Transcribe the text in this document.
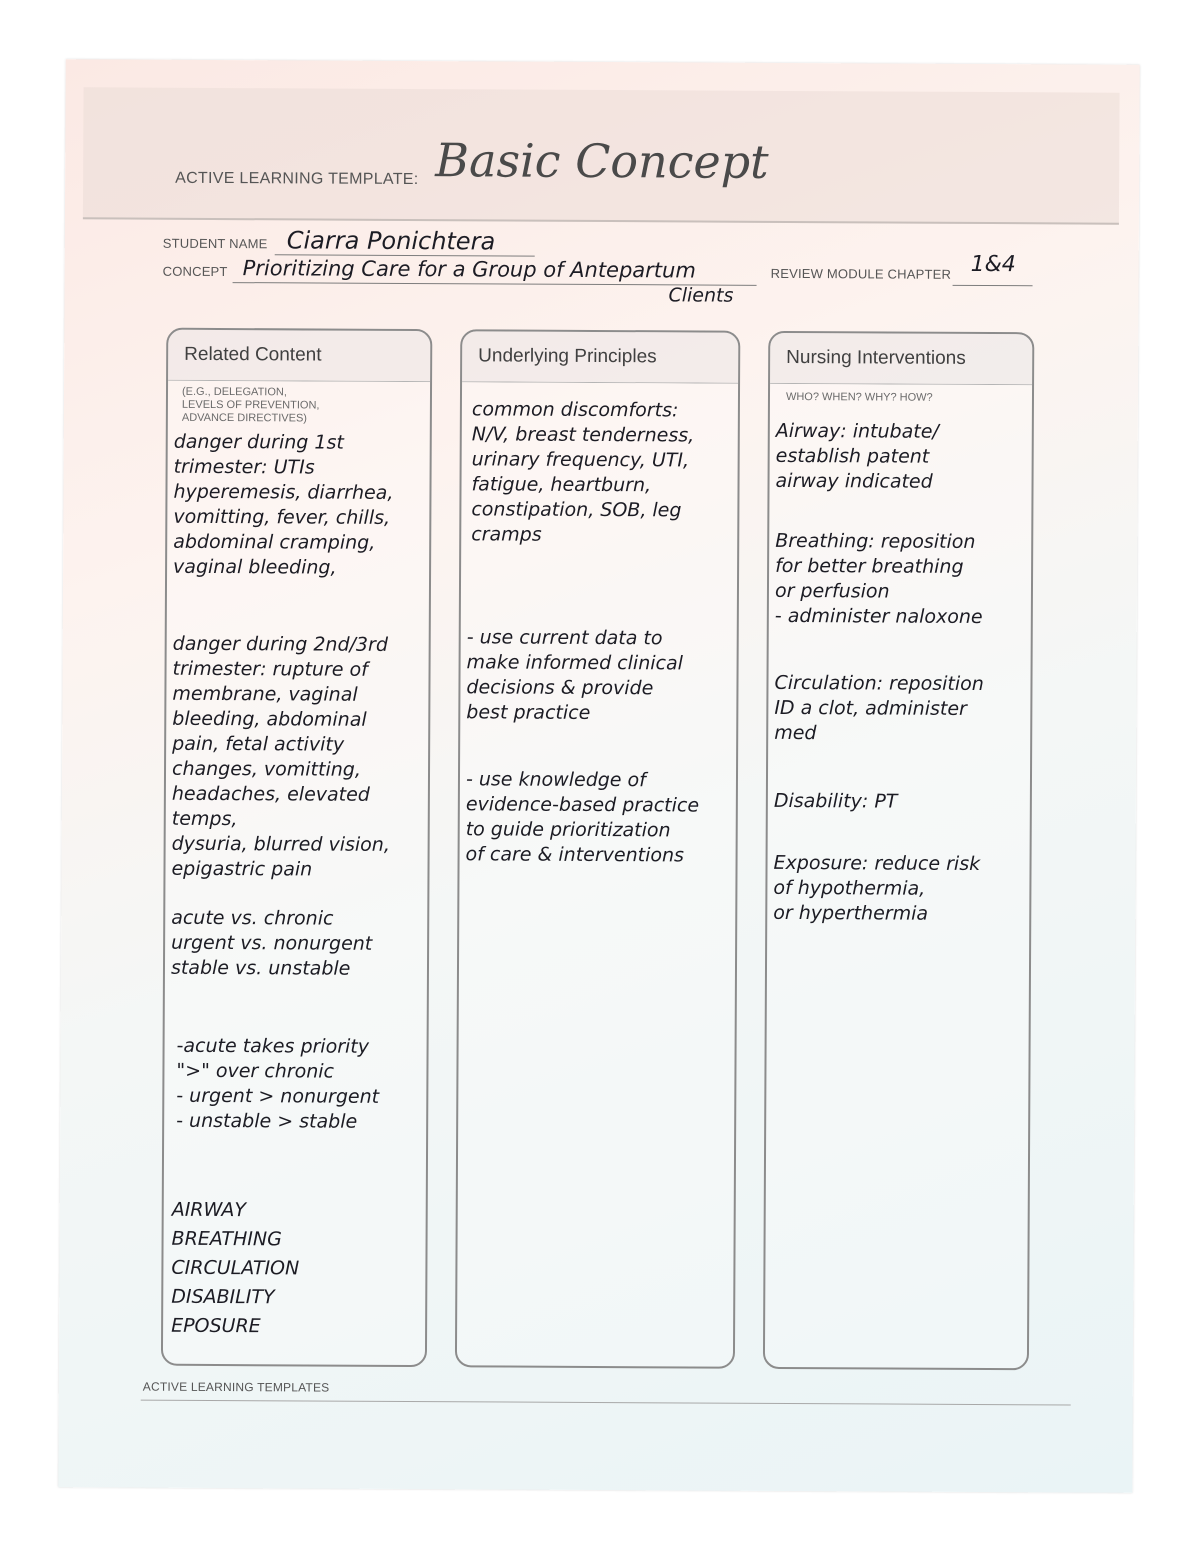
ACTIVE LEARNING TEMPLATE: Basic Concept
STUDENT NAME Ciarra Ponichtera
CONCEPT Prioritizing Care for a Group of Antepartum
Clients
REVIEW MODULE CHAPTER 1&4
Related Content
(E.G., DELEGATION,
LEVELS OF PREVENTION,
ADVANCE DIRECTIVES)
danger during 1st
trimester: UTIs
hyperemesis, diarrhea,
vomitting, fever, chills,
abdominal cramping,
vaginal bleeding,
danger during 2nd/3rd
trimester: rupture of
membrane, vaginal
bleeding, abdominal
pain, fetal activity
changes, vomitting,
headaches, elevated temps,
dysuria, blurred vision,
epigastric pain
acute vs. chronic
urgent vs. nonurgent
stable vs. unstable
-acute takes priority
">" over chronic
- urgent > nonurgent
- unstable > stable
AIRWAY
BREATHING
CIRCULATION
DISABILITY
EPOSURE
Underlying Principles
common discomforts:
N/V, breast tenderness,
urinary frequency, UTI,
fatigue, heartburn,
constipation, SOB, leg
cramps
- use current data to
make informed clinical
decisions & provide
best practice
- use knowledge of
evidence-based practice
to guide prioritization
of care & interventions
Nursing Interventions
WHO? WHEN? WHY? HOW?
Airway: intubate/
establish patent
airway indicated
Breathing: reposition
for better breathing
or perfusion
- administer naloxone
Circulation: reposition
ID a clot, administer
med
Disability: PT
Exposure: reduce risk
of hypothermia,
or hyperthermia
ACTIVE LEARNING TEMPLATES
